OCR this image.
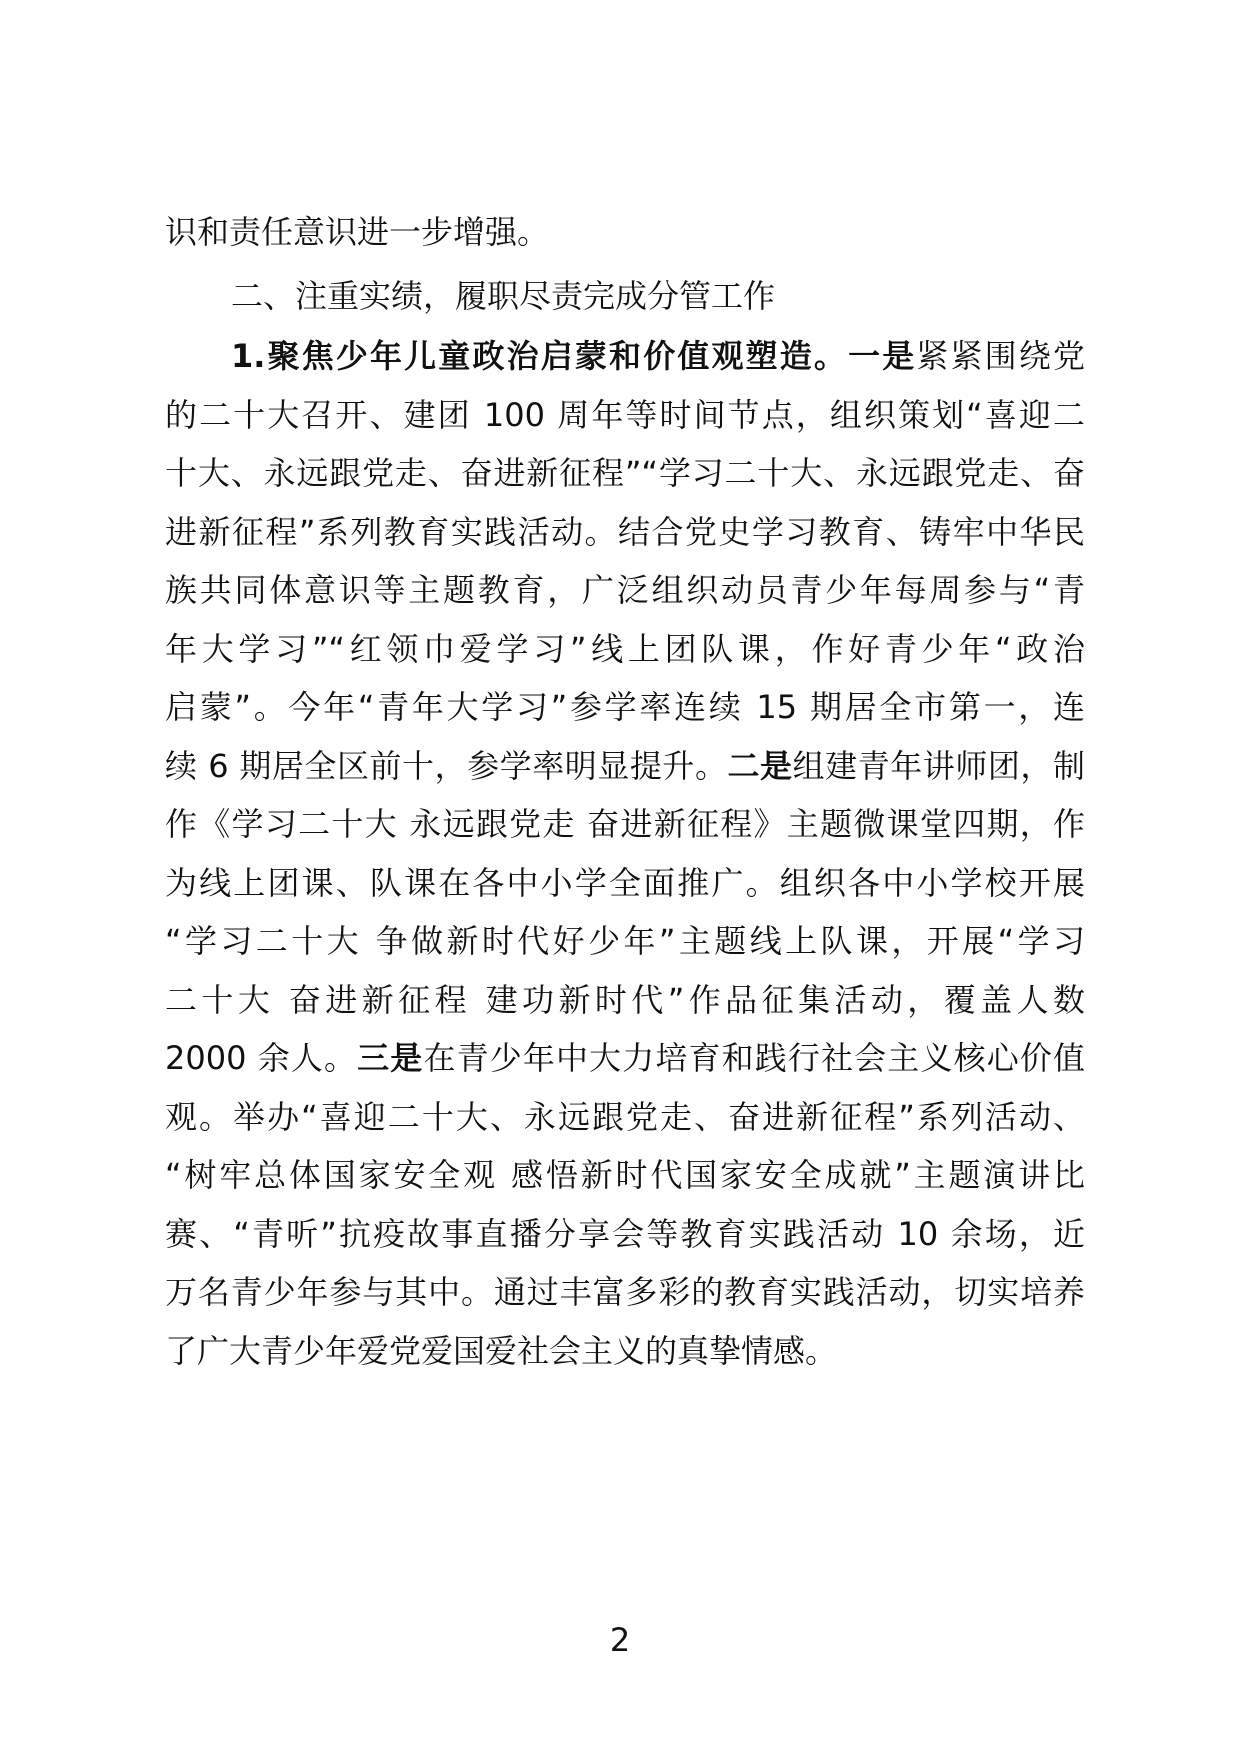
识和责任意识进一步增强。
二、注重实绩，履职尽责完成分管工作
1.聚焦少年儿童政治启蒙和价值观塑造。一是紧紧围绕党
的二十大召开、建团 100 周年等时间节点，组织策划“喜迎二
十大、永远跟党走、奋进新征程”“学习二十大、永远跟党走、奋
进新征程”系列教育实践活动。结合党史学习教育、铸牢中华民
族共同体意识等主题教育，广泛组织动员青少年每周参与“青
年大学习”“红领巾爱学习”线上团队课，作好青少年“政治
启蒙”。今年“青年大学习”参学率连续 15 期居全市第一，连
续 6 期居全区前十，参学率明显提升。二是组建青年讲师团，制
作《学习二十大 永远跟党走 奋进新征程》主题微课堂四期，作
为线上团课、队课在各中小学全面推广。组织各中小学校开展
“学习二十大 争做新时代好少年”主题线上队课，开展“学习
二十大 奋进新征程 建功新时代”作品征集活动，覆盖人数
2000 余人。三是在青少年中大力培育和践行社会主义核心价值
观。举办“喜迎二十大、永远跟党走、奋进新征程”系列活动、
“树牢总体国家安全观 感悟新时代国家安全成就”主题演讲比
赛、“青听”抗疫故事直播分享会等教育实践活动 10 余场，近
万名青少年参与其中。通过丰富多彩的教育实践活动，切实培养
了广大青少年爱党爱国爱社会主义的真挚情感。
2
